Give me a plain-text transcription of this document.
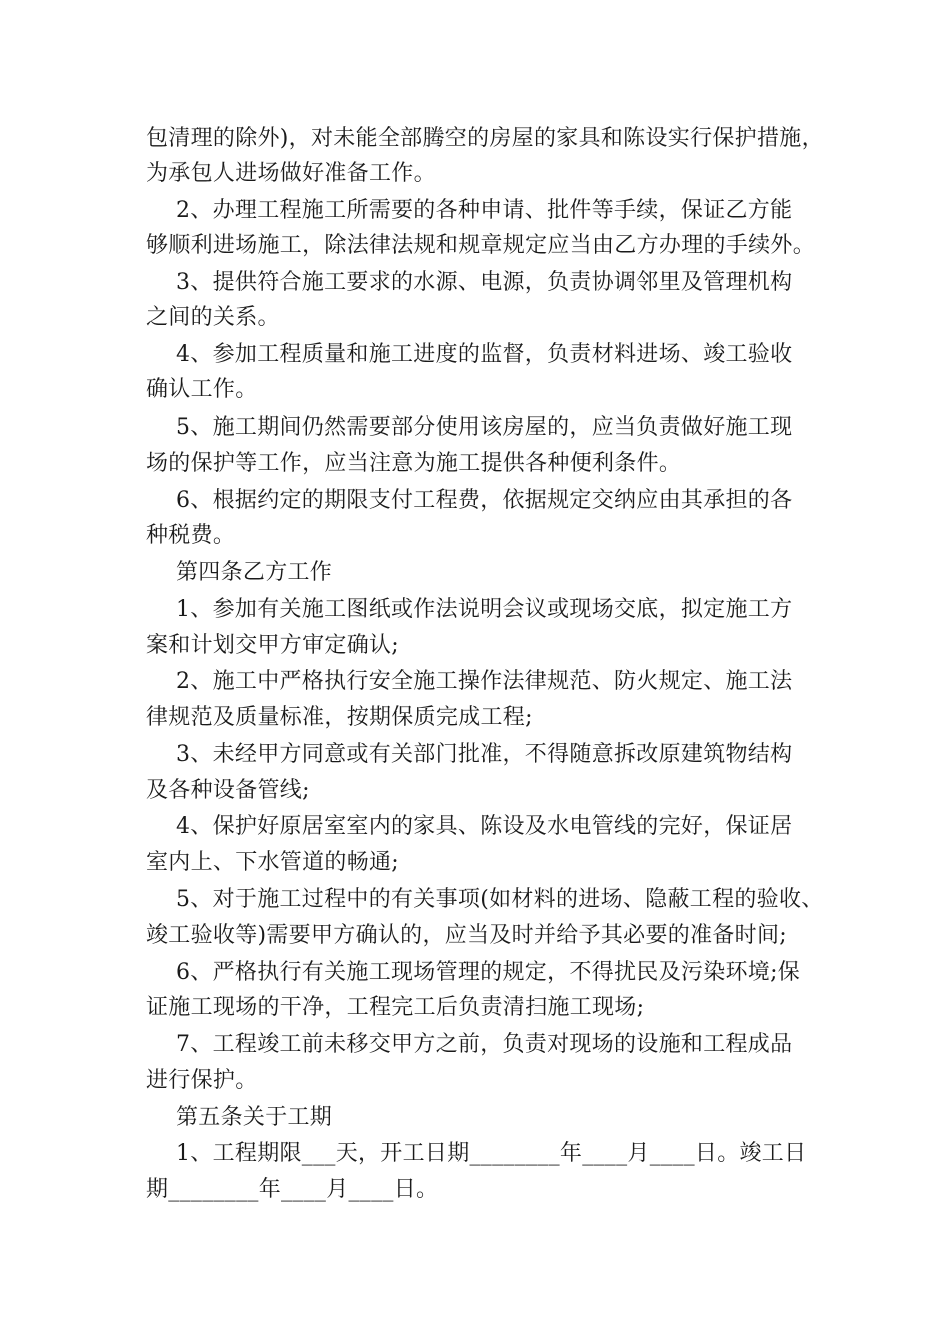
包清理的除外)，对未能全部腾空的房屋的家具和陈设实行保护措施，
为承包人进场做好准备工作。
2、办理工程施工所需要的各种申请、批件等手续，保证乙方能
够顺利进场施工，除法律法规和规章规定应当由乙方办理的手续外。
3、提供符合施工要求的水源、电源，负责协调邻里及管理机构
之间的关系。
4、参加工程质量和施工进度的监督，负责材料进场、竣工验收
确认工作。
5、施工期间仍然需要部分使用该房屋的，应当负责做好施工现
场的保护等工作，应当注意为施工提供各种便利条件。
6、根据约定的期限支付工程费，依据规定交纳应由其承担的各
种税费。
第四条乙方工作
1、参加有关施工图纸或作法说明会议或现场交底，拟定施工方
案和计划交甲方审定确认;
2、施工中严格执行安全施工操作法律规范、防火规定、施工法
律规范及质量标准，按期保质完成工程;
3、未经甲方同意或有关部门批准，不得随意拆改原建筑物结构
及各种设备管线;
4、保护好原居室室内的家具、陈设及水电管线的完好，保证居
室内上、下水管道的畅通;
5、对于施工过程中的有关事项(如材料的进场、隐蔽工程的验收、
竣工验收等)需要甲方确认的，应当及时并给予其必要的准备时间;
6、严格执行有关施工现场管理的规定，不得扰民及污染环境;保
证施工现场的干净，工程完工后负责清扫施工现场;
7、工程竣工前未移交甲方之前，负责对现场的设施和工程成品
进行保护。
第五条关于工期
1、工程期限___天，开工日期________年____月____日。竣工日
期________年____月____日。
